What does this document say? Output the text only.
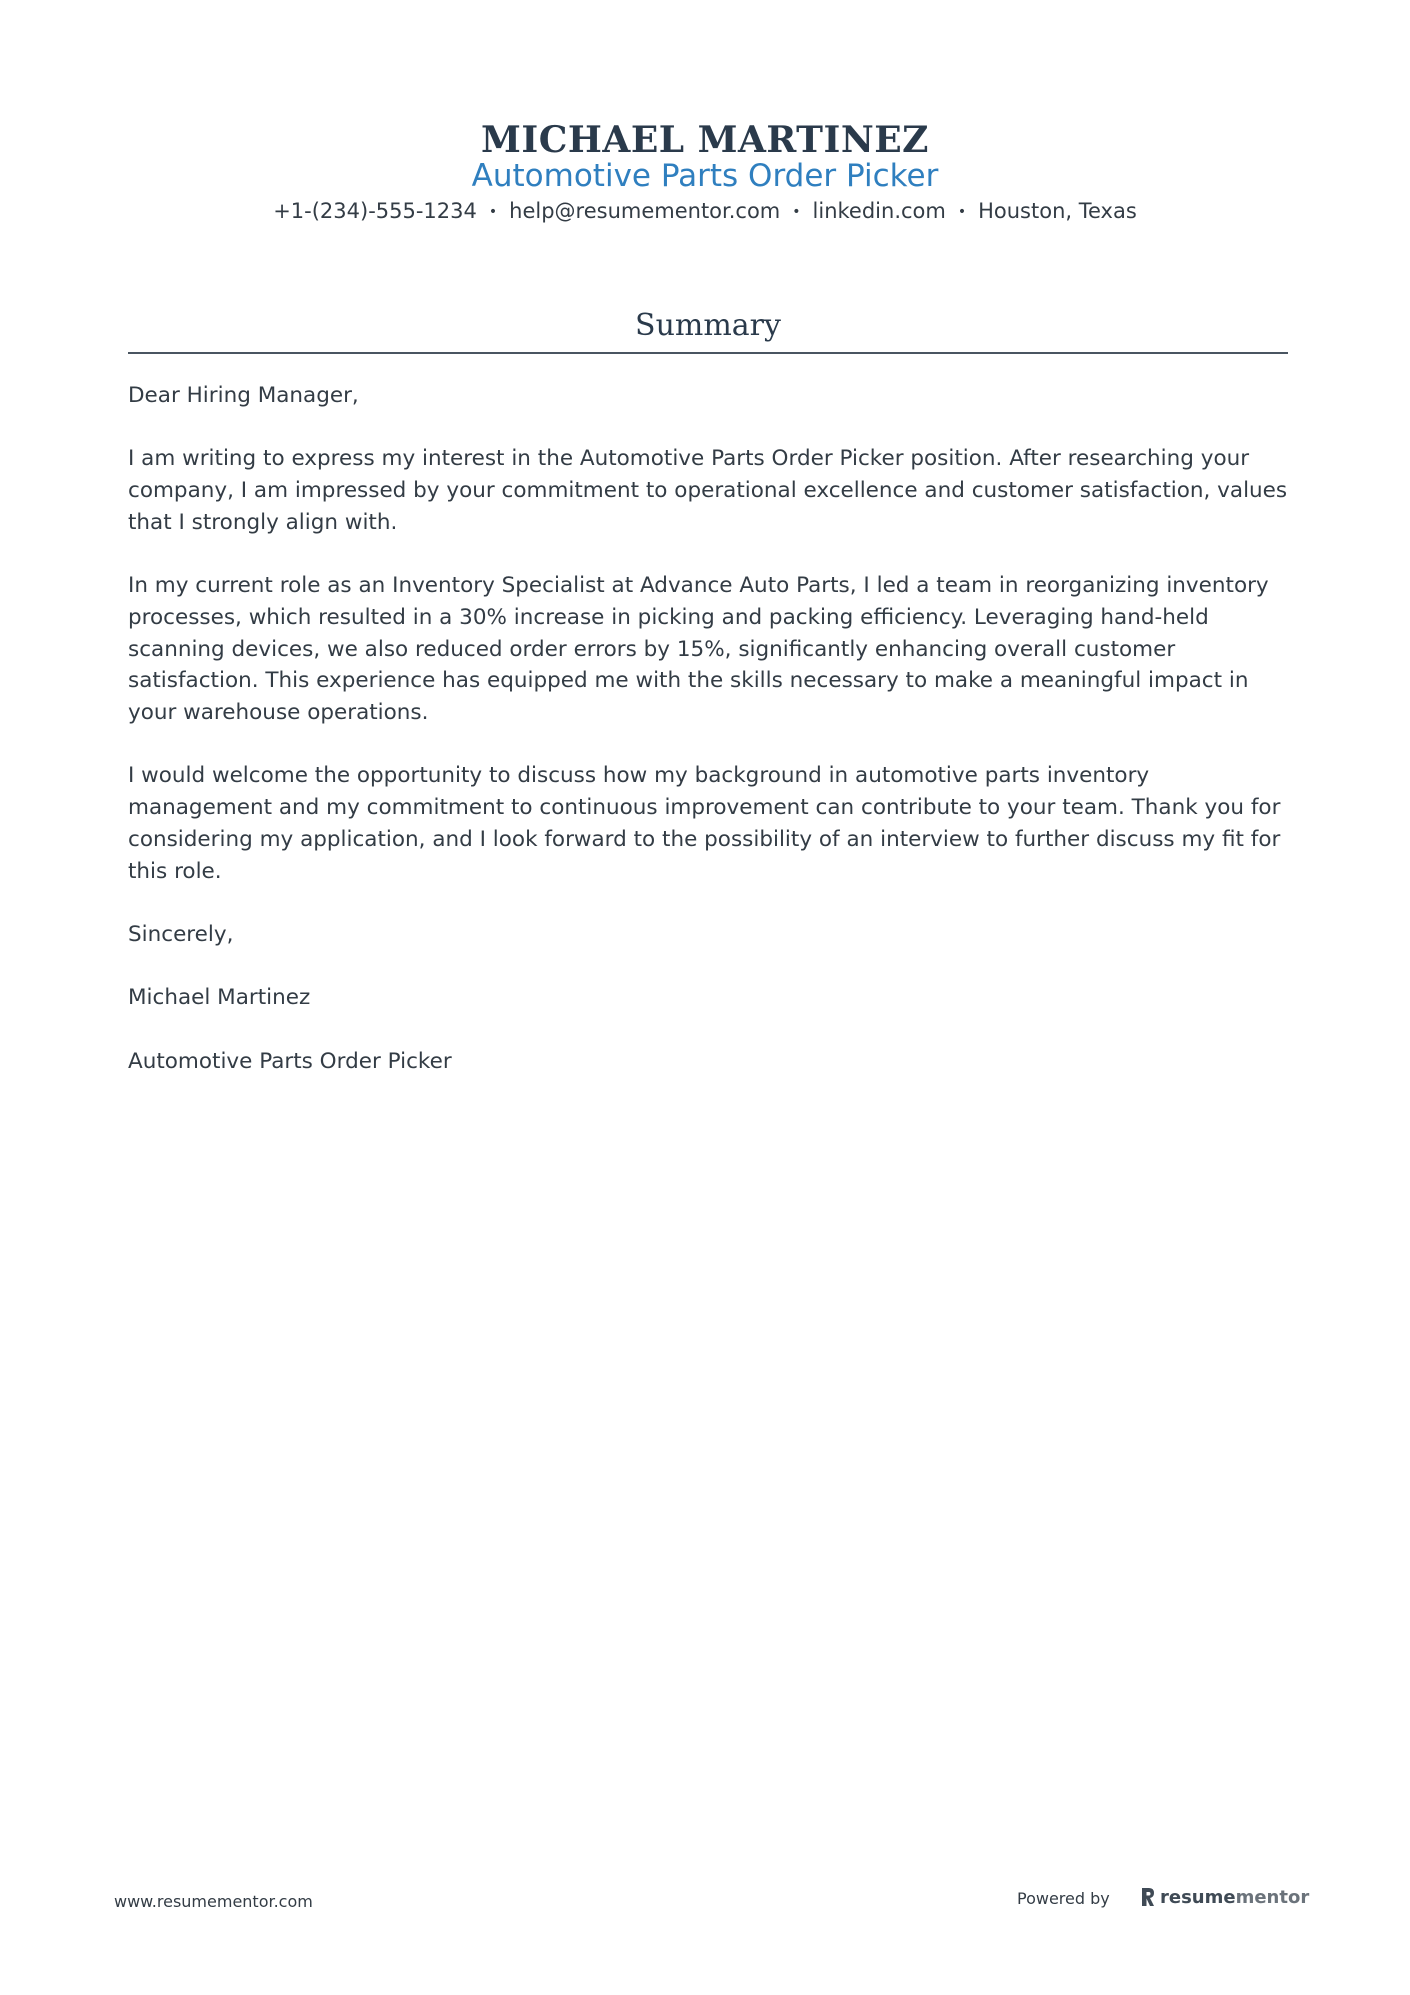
MICHAEL MARTINEZ
Automotive Parts Order Picker
+1-(234)-555-1234 • help@resumementor.com • linkedin.com • Houston, Texas
Summary

Dear Hiring Manager,

I am writing to express my interest in the Automotive Parts Order Picker position. After researching your company, I am impressed by your commitment to operational excellence and customer satisfaction, values that I strongly align with.

In my current role as an Inventory Specialist at Advance Auto Parts, I led a team in reorganizing inventory processes, which resulted in a 30% increase in picking and packing efficiency. Leveraging hand-held scanning devices, we also reduced order errors by 15%, significantly enhancing overall customer satisfaction. This experience has equipped me with the skills necessary to make a meaningful impact in your warehouse operations.

I would welcome the opportunity to discuss how my background in automotive parts inventory management and my commitment to continuous improvement can contribute to your team. Thank you for considering my application, and I look forward to the possibility of an interview to further discuss my fit for this role.

Sincerely,

Michael Martinez

Automotive Parts Order Picker

www.resumementor.com	Powered by	resume mentor
